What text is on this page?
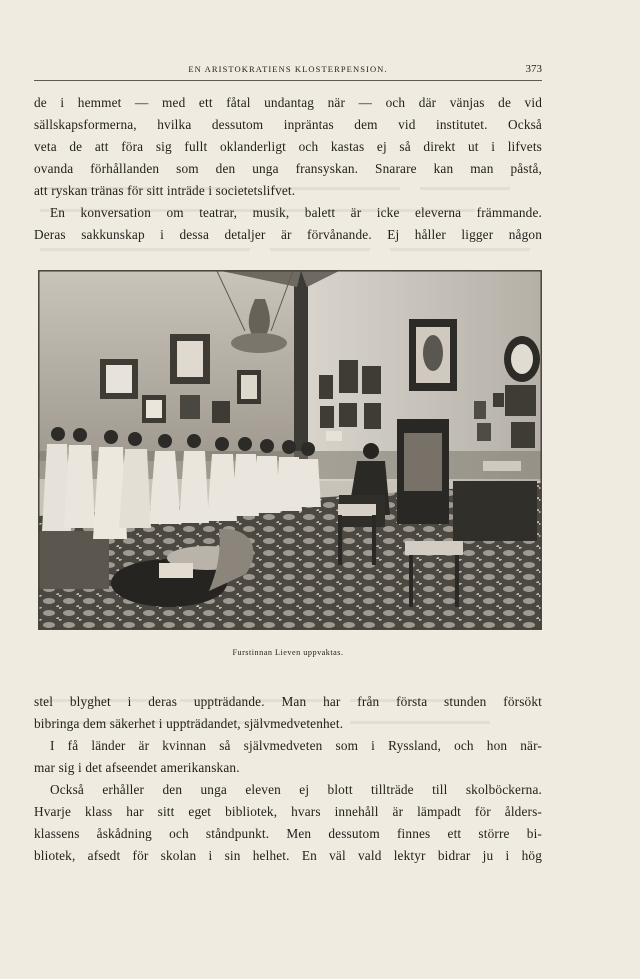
EN ARISTOKRATIENS KLOSTERPENSION.	373
de i hemmet — med ett fåtal undantag när — och där vänjas de vid
sällskapsformerna, hvilka dessutom inpräntas dem vid institutet. Också
veta de att föra sig fullt oklanderligt och kastas ej så direkt ut i lifvets
ovanda förhållanden som den unga fransyskan. Snarare kan man påstå,
att ryskan tränas för sitt inträde i societetslifvet.
En konversation om teatrar, musik, balett är icke eleverna främmande.
Deras sakkunskap i dessa detaljer är förvånande. Ej håller ligger någon
Furstinnan Lieven uppvaktas.
stel blyghet i deras uppträdande. Man har från första stunden försökt
bibringa dem säkerhet i uppträdandet, självmedvetenhet.
I få länder är kvinnan så självmedveten som i Ryssland, och hon när-
mar sig i det afseendet amerikanskan.
Också erhåller den unga eleven ej blott tillträde till skolböckerna.
Hvarje klass har sitt eget bibliotek, hvars innehåll är lämpadt för ålders-
klassens åskådning och ståndpunkt. Men dessutom finnes ett större bi-
bliotek, afsedt för skolan i sin helhet. En väl vald lektyr bidrar ju i hög
